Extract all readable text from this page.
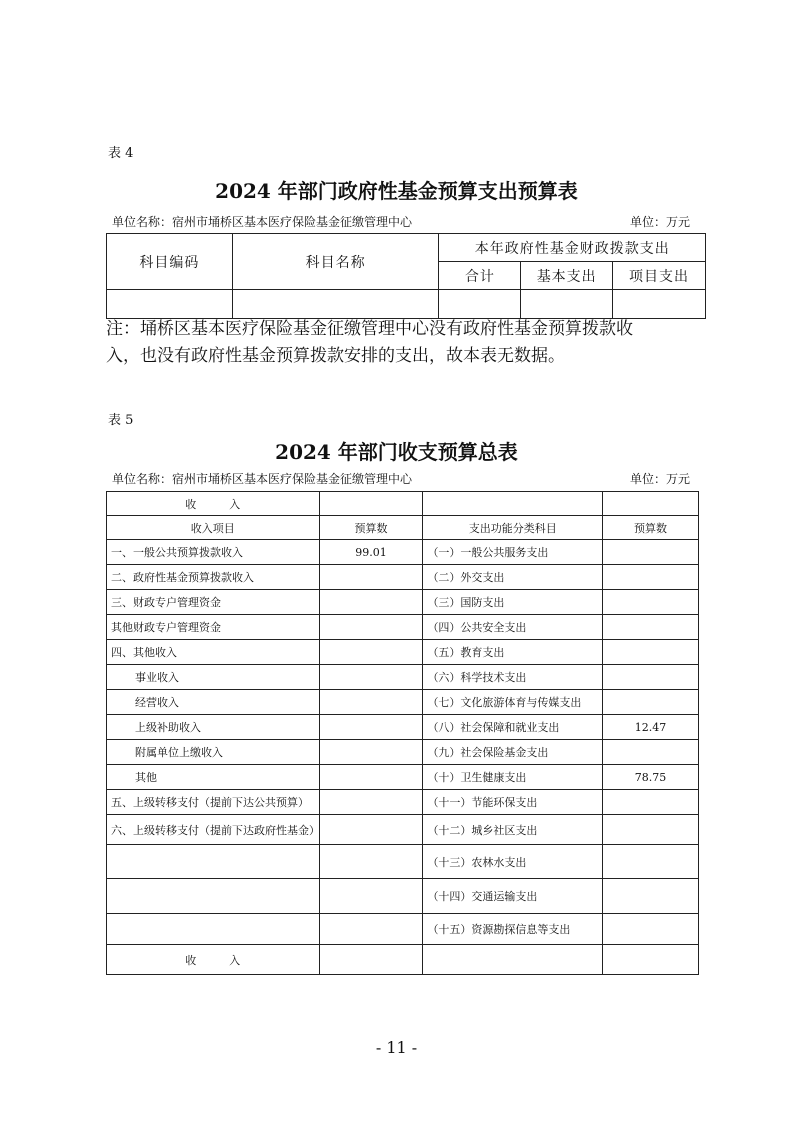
表 4
2024 年部门政府性基金预算支出预算表
单位名称：宿州市埇桥区基本医疗保险基金征缴管理中心	单位：万元
科目编码	科目名称	本年政府性基金财政拨款支出		
		合计	基本支出	项目支出

注：埇桥区基本医疗保险基金征缴管理中心没有政府性基金预算拨款收
入，也没有政府性基金预算拨款安排的支出，故本表无数据。
表 5
2024 年部门收支预算总表
单位名称：宿州市埇桥区基本医疗保险基金征缴管理中心	单位：万元
收　　　入			
收入项目	预算数	支出功能分类科目	预算数
一、一般公共预算拨款收入	99.01	（一）一般公共服务支出	
二、政府性基金预算拨款收入		（二）外交支出	
三、财政专户管理资金		（三）国防支出	
其他财政专户管理资金		（四）公共安全支出	
四、其他收入		（五）教育支出	
事业收入		（六）科学技术支出	
经营收入		（七）文化旅游体育与传媒支出	
上级补助收入		（八）社会保障和就业支出	12.47
附属单位上缴收入		（九）社会保险基金支出	
其他		（十）卫生健康支出	78.75
五、上级转移支付（提前下达公共预算）		（十一）节能环保支出	
六、上级转移支付（提前下达政府性基金）		（十二）城乡社区支出	
		（十三）农林水支出	
		（十四）交通运输支出	
		（十五）资源勘探信息等支出	
收　　　入			
- 11 -
